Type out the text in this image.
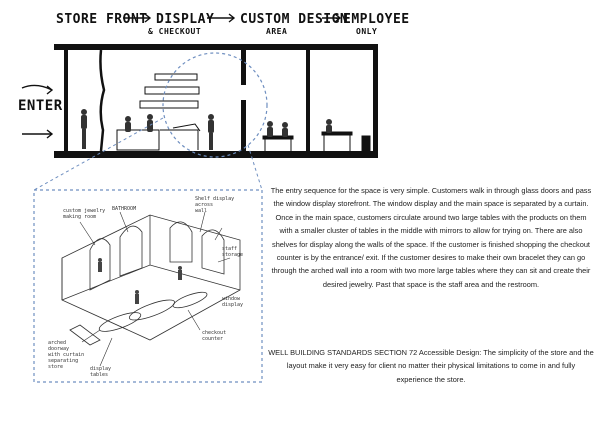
STORE FRONT DISPLAY
& CHECKOUT
CUSTOM DESIGN
AREA
EMPLOYEE
ONLY
ENTER
custom jewelry
making room
BATHROOM
Shelf display
across
wall
staff
storage
arched
doorway
with curtain
separating
store	display
tables
checkout
counter
window
display
The entry sequence for the space is very simple. Customers walk in through glass doors and pass the window display storefront. The window display and the main space is separated by a curtain. Once in the main space, customers circulate around two large tables with the products on them with a smaller cluster of tables in the middle with mirrors to allow for trying on. There are also shelves for display along the walls of the space. If the customer is finished shopping the checkout counter is by the entrance/ exit. If the customer desires to make their own bracelet they can go through the arched wall into a room with two more large tables where they can sit and create their desired jewelry. Past that space is the staff area and the restroom.
WELL BUILDING STANDARDS SECTION 72 Accessible Design: The simplicity of the store and the layout make it very easy for client no matter their physical limitations to come in and fully experience the store.
